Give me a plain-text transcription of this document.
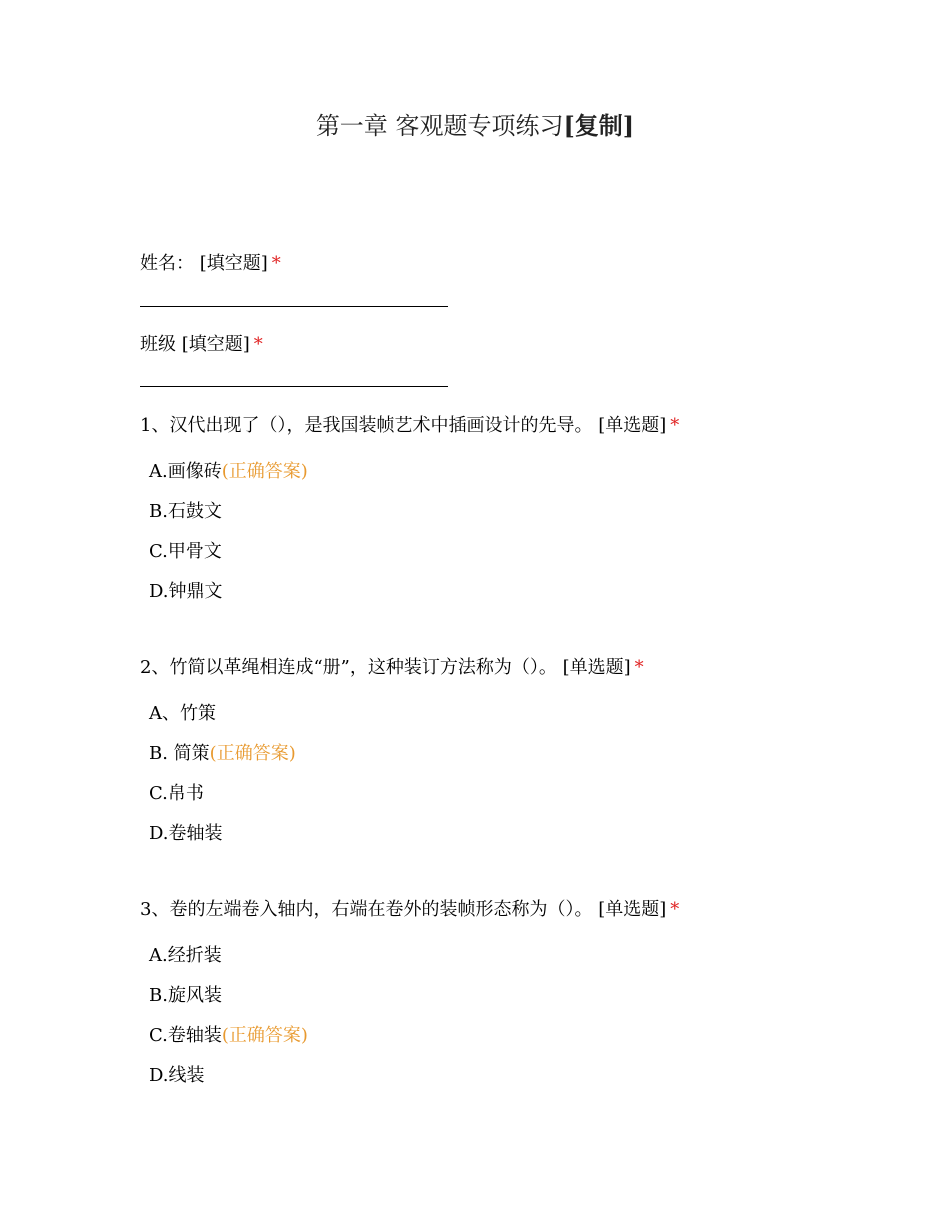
第一章 客观题专项练习[复制]
姓名： [填空题] *
班级 [填空题] *
1、汉代出现了（），是我国装帧艺术中插画设计的先导。 [单选题] *
A.画像砖(正确答案)
B.石鼓文
C.甲骨文
D.钟鼎文
2、竹简以革绳相连成“册”，这种装订方法称为（）。 [单选题] *
A、竹策
B. 简策(正确答案)
C.帛书
D.卷轴装
3、卷的左端卷入轴内，右端在卷外的装帧形态称为（）。 [单选题] *
A.经折装
B.旋风装
C.卷轴装(正确答案)
D.线装
